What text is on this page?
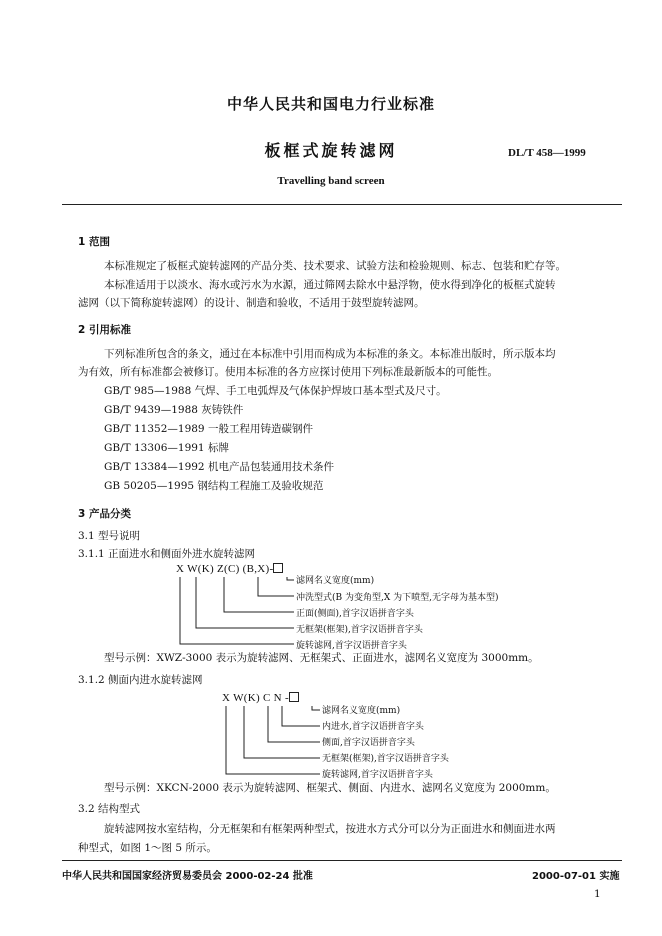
中华人民共和国电力行业标准
板框式旋转滤网	DL/T 458—1999
Travelling band screen
1 范围
本标准规定了板框式旋转滤网的产品分类、技术要求、试验方法和检验规则、标志、包装和贮存等。
本标准适用于以淡水、海水或污水为水源，通过筛网去除水中悬浮物，使水得到净化的板框式旋转
滤网（以下简称旋转滤网）的设计、制造和验收，不适用于鼓型旋转滤网。
2 引用标准
下列标准所包含的条文，通过在本标准中引用而构成为本标准的条文。本标准出版时，所示版本均
为有效，所有标准都会被修订。使用本标准的各方应探讨使用下列标准最新版本的可能性。
GB/T 985—1988 气焊、手工电弧焊及气体保护焊坡口基本型式及尺寸。
GB/T 9439—1988 灰铸铁件
GB/T 11352—1989 一般工程用铸造碳钢件
GB/T 13306—1991 标牌
GB/T 13384—1992 机电产品包装通用技术条件
GB 50205—1995 钢结构工程施工及验收规范
3 产品分类
3.1 型号说明
3.1.1 正面进水和侧面外进水旋转滤网
X W(K) Z(C) (B,X)-
滤网名义宽度(mm)
冲洗型式(B 为变角型,X 为下喷型,无字母为基本型)
正面(侧面),首字汉语拼音字头
无框架(框架),首字汉语拼音字头
旋转滤网,首字汉语拼音字头
型号示例：XWZ-3000 表示为旋转滤网、无框架式、正面进水，滤网名义宽度为 3000mm。
3.1.2 侧面内进水旋转滤网
X W(K) C N -
滤网名义宽度(mm)
内进水,首字汉语拼音字头
侧面,首字汉语拼音字头
无框架(框架),首字汉语拼音字头
旋转滤网,首字汉语拼音字头
型号示例：XKCN-2000 表示为旋转滤网、框架式、侧面、内进水、滤网名义宽度为 2000mm。
3.2 结构型式
旋转滤网按水室结构，分无框架和有框架两种型式，按进水方式分可以分为正面进水和侧面进水两
种型式，如图 1～图 5 所示。
中华人民共和国国家经济贸易委员会 2000-02-24 批准	2000-07-01 实施
1
